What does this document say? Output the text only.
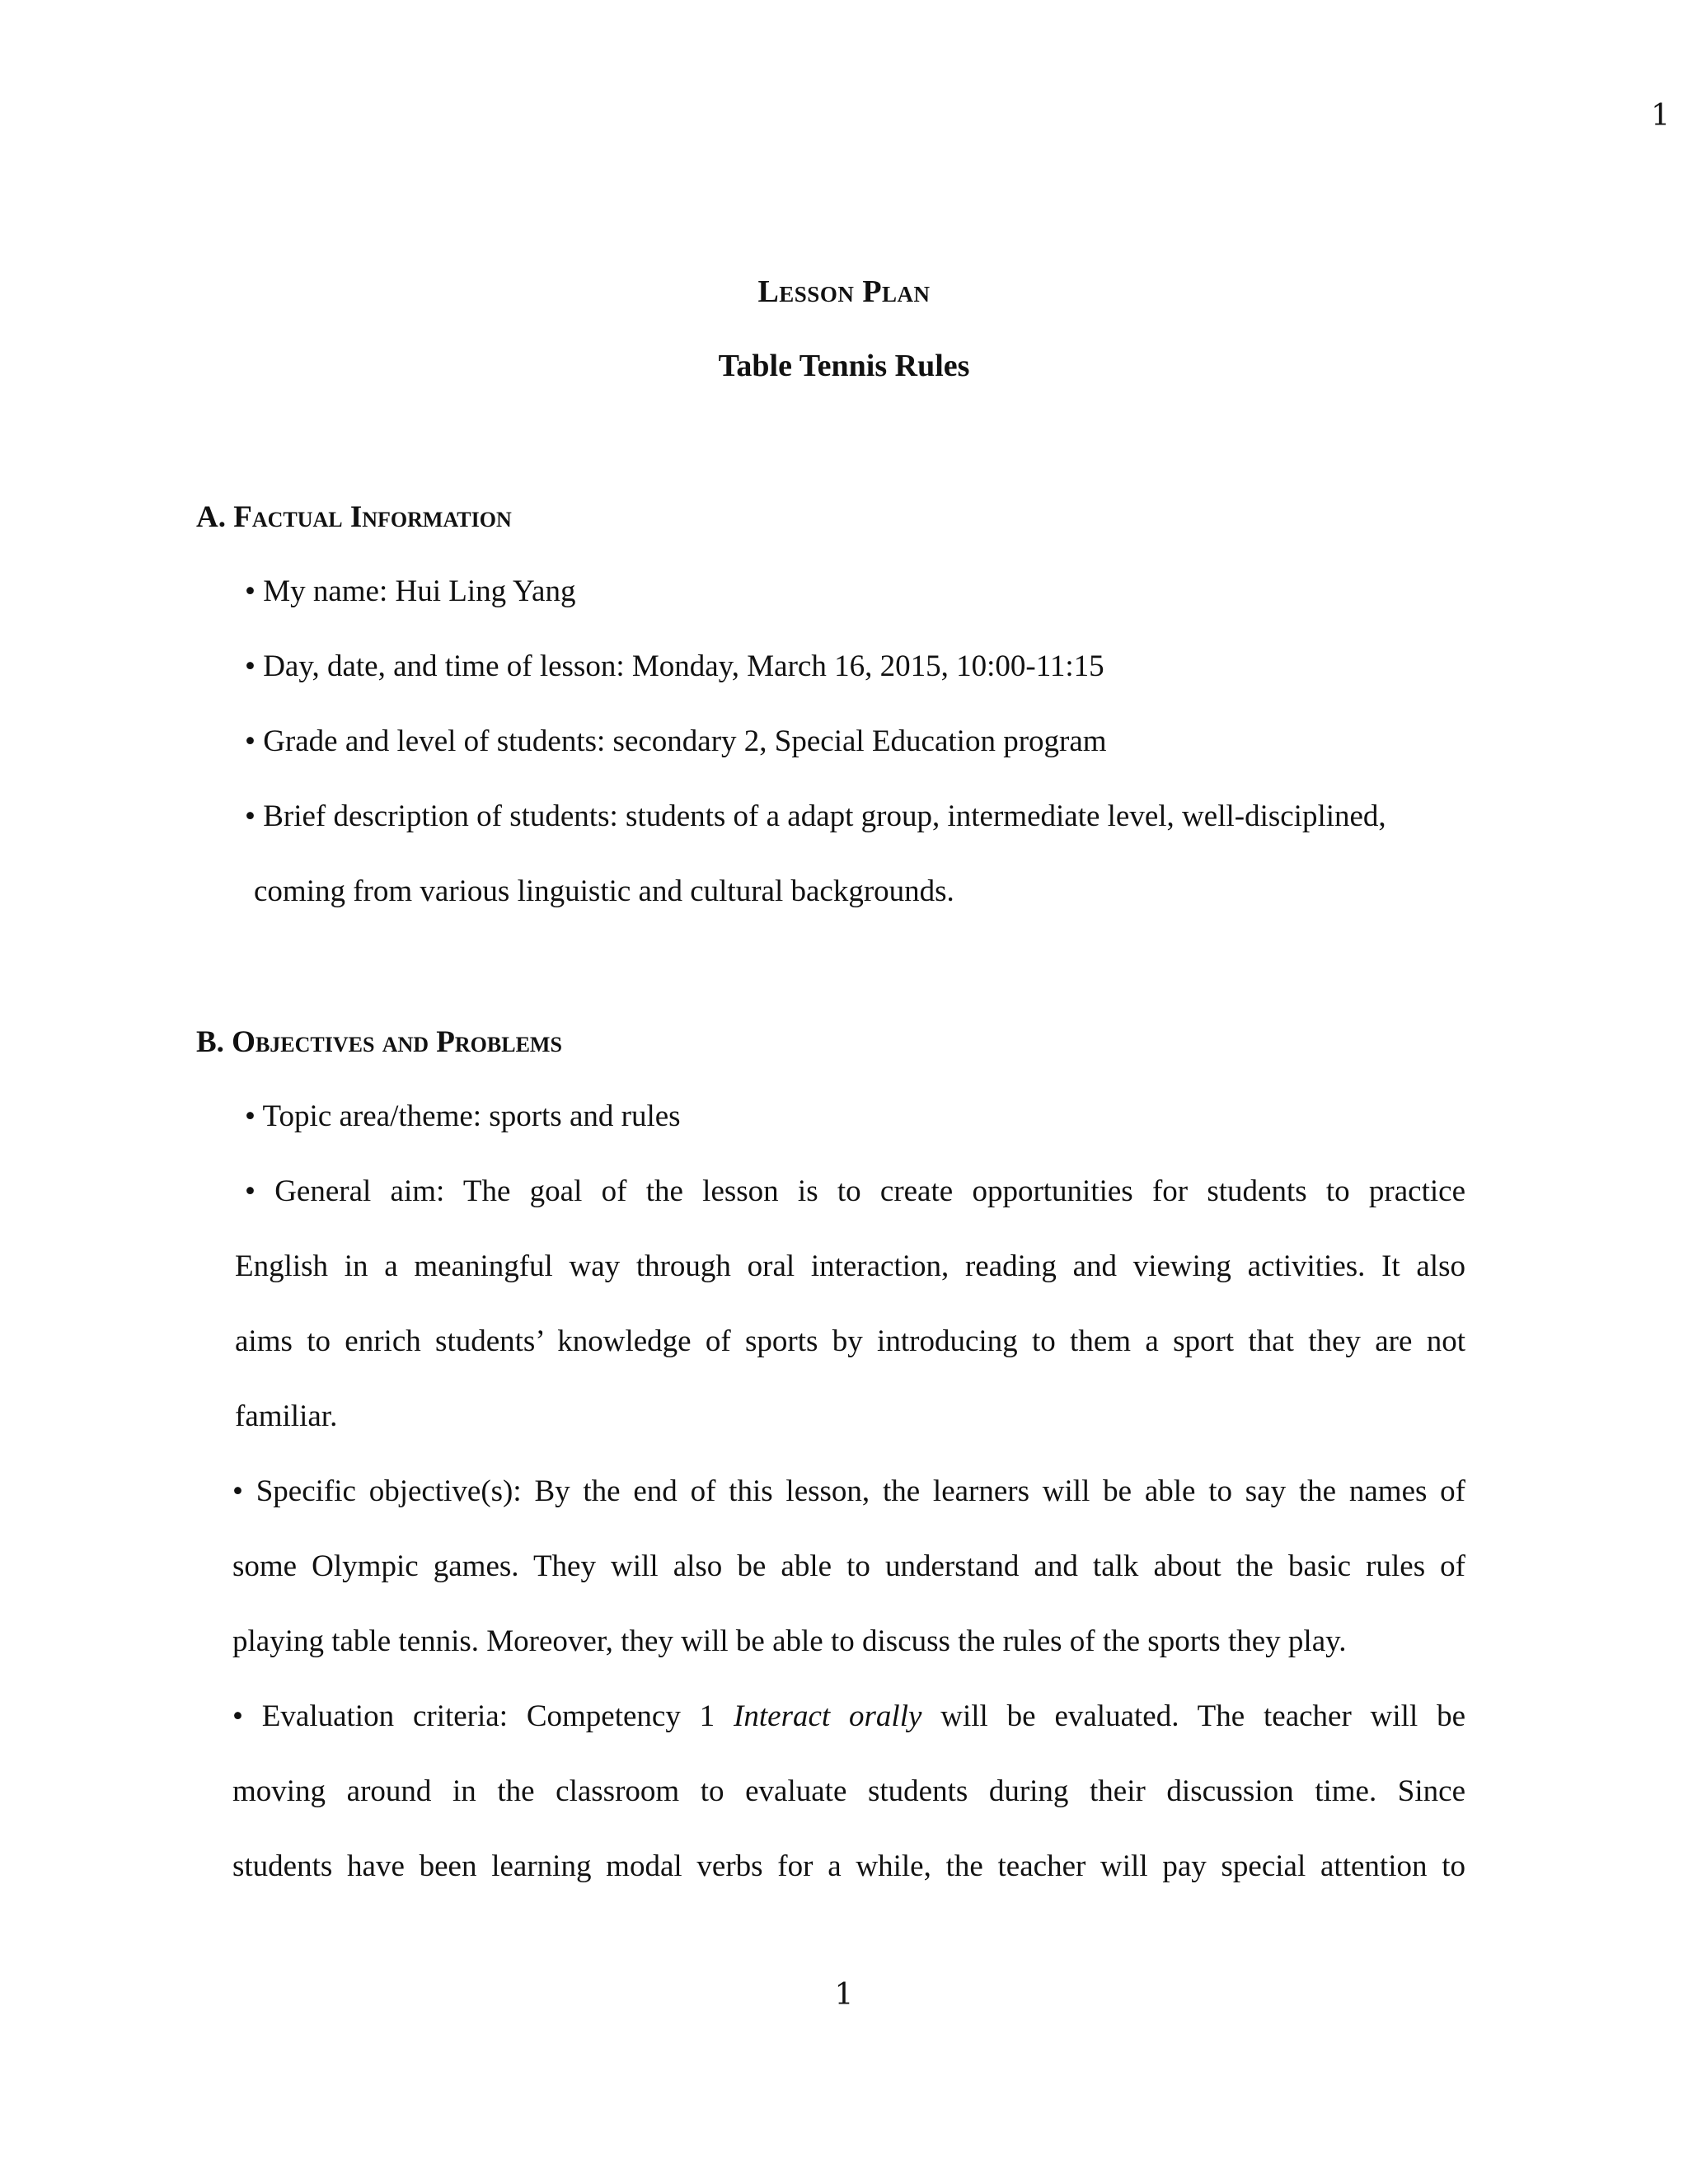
1
Lesson Plan
Table Tennis Rules
A. Factual Information
• My name: Hui Ling Yang
• Day, date, and time of lesson: Monday, March 16, 2015, 10:00-11:15
• Grade and level of students: secondary 2, Special Education program
• Brief description of students: students of a adapt group, intermediate level, well-disciplined,
coming from various linguistic and cultural backgrounds.
B. Objectives and Problems
• Topic area/theme: sports and rules
• General aim: The goal of the lesson is to create opportunities for students to practice
English in a meaningful way through oral interaction, reading and viewing activities. It also
aims to enrich students’ knowledge of sports by introducing to them a sport that they are not
familiar.
• Specific objective(s): By the end of this lesson, the learners will be able to say the names of
some Olympic games. They will also be able to understand and talk about the basic rules of
playing table tennis. Moreover, they will be able to discuss the rules of the sports they play.
• Evaluation criteria: Competency 1 Interact orally will be evaluated. The teacher will be
moving around in the classroom to evaluate students during their discussion time. Since
students have been learning modal verbs for a while, the teacher will pay special attention to
1
